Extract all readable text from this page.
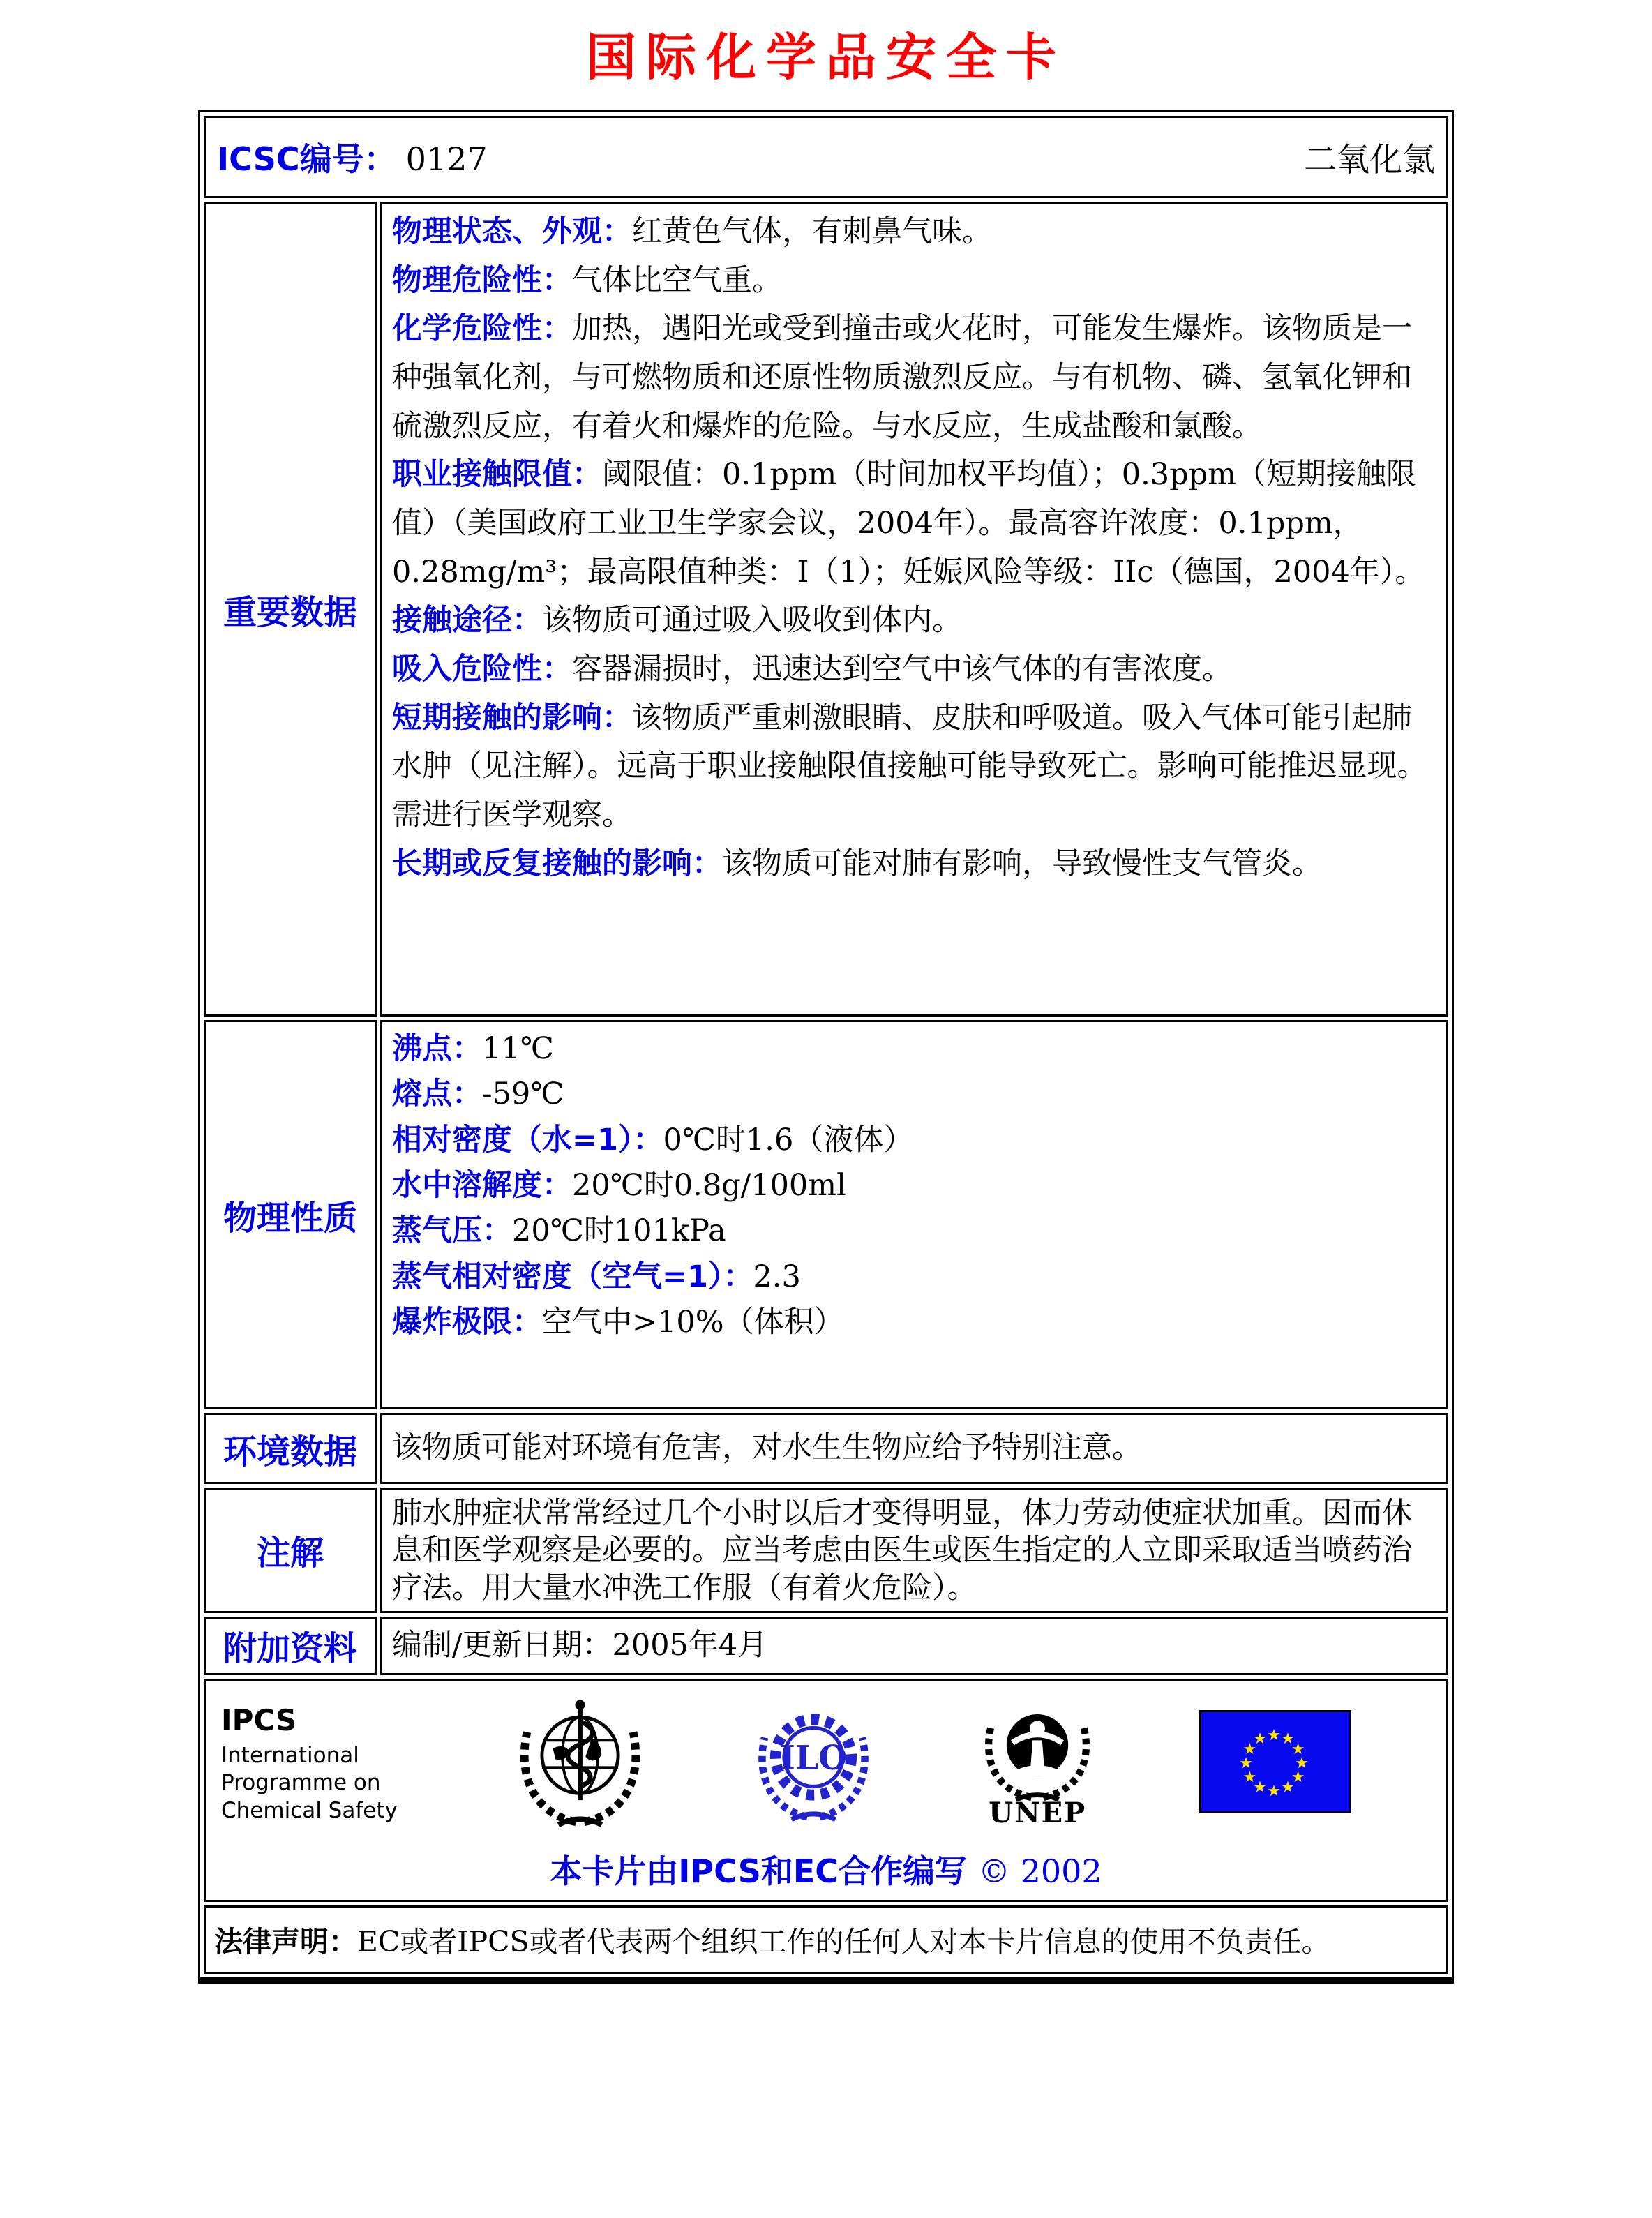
国际化学品安全卡
ICSC编号： 0127 二氧化氯	

重要数据	
物理状态、外观：红黄色气体，有刺鼻气味。
物理危险性：气体比空气重。
化学危险性：加热，遇阳光或受到撞击或火花时，可能发生爆炸。该物质是一种强氧化剂，与可燃物质和还原性物质激烈反应。与有机物、磷、氢氧化钾和硫激烈反应，有着火和爆炸的危险。与水反应，生成盐酸和氯酸。
职业接触限值：阈限值：0.1ppm（时间加权平均值）；0.3ppm（短期接触限值）（美国政府工业卫生学家会议，2004年）。最高容许浓度：0.1ppm，0.28mg/m³；最高限值种类：I（1）；妊娠风险等级：IIc（德国，2004年）。
接触途径：该物质可通过吸入吸收到体内。
吸入危险性：容器漏损时，迅速达到空气中该气体的有害浓度。
短期接触的影响：该物质严重刺激眼睛、皮肤和呼吸道。吸入气体可能引起肺水肿（见注解）。远高于职业接触限值接触可能导致死亡。影响可能推迟显现。需进行医学观察。
长期或反复接触的影响：该物质可能对肺有影响，导致慢性支气管炎。

物理性质	
沸点：11℃
熔点：-59℃
相对密度（水=1）：0℃时1.6（液体）
水中溶解度：20℃时0.8g/100ml
蒸气压：20℃时101kPa
蒸气相对密度（空气=1）：2.3
爆炸极限：空气中>10%（体积）

环境数据	该物质可能对环境有危害，对水生生物应给予特别注意。
注解	肺水肿症状常常经过几个小时以后才变得明显，体力劳动使症状加重。因而休息和医学观察是必要的。应当考虑由医生或医生指定的人立即采取适当喷药治疗法。用大量水冲洗工作服（有着火危险）。
附加资料	编制/更新日期：2005年4月

IPCS
International
Programme on
Chemical Safety
ILO
UNEP
★ ★
★
★
★
★
★
★
★
★
★
★
本卡片由IPCS和EC合作编写 © 2002

法律声明：EC或者IPCS或者代表两个组织工作的任何人对本卡片信息的使用不负责任。	
